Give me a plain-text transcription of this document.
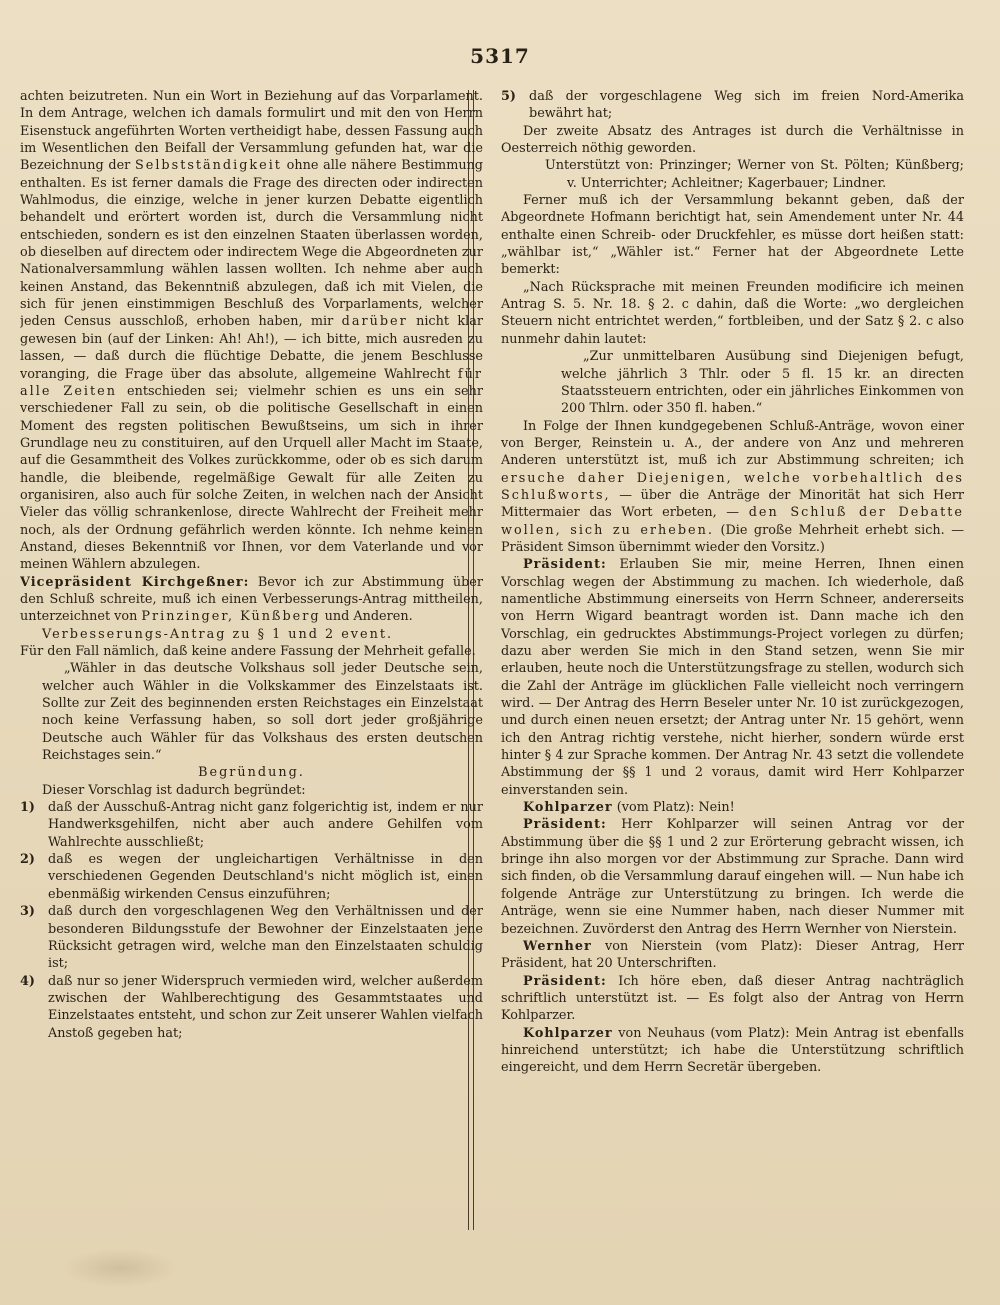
5317

achten beizutreten. Nun ein Wort in Beziehung auf das Vorparlament. In dem Antrage, welchen ich damals formulirt und mit den von Herrn Eisenstuck angeführten Worten vertheidigt habe, dessen Fassung auch im Wesentlichen den Beifall der Versammlung gefunden hat, war die Bezeichnung der Selbstständigkeit ohne alle nähere Bestimmung enthalten. Es ist ferner damals die Frage des directen oder indirecten Wahlmodus, die einzige, welche in jener kurzen Debatte eigentlich behandelt und erörtert worden ist, durch die Versammlung nicht entschieden, sondern es ist den einzelnen Staaten überlassen worden, ob dieselben auf directem oder indirectem Wege die Abgeordneten zur Nationalversammlung wählen lassen wollten. Ich nehme aber auch keinen Anstand, das Bekenntniß abzulegen, daß ich mit Vielen, die sich für jenen einstimmigen Beschluß des Vorparlaments, welcher jeden Census ausschloß, erhoben haben, mir darüber nicht klar gewesen bin (auf der Linken: Ah! Ah!), — ich bitte, mich ausreden zu lassen, — daß durch die flüchtige Debatte, die jenem Beschlusse voranging, die Frage über das absolute, allgemeine Wahlrecht für alle Zeiten entschieden sei; vielmehr schien es uns ein sehr verschiedener Fall zu sein, ob die politische Gesellschaft in einen Moment des regsten politischen Bewußtseins, um sich in ihrer Grundlage neu zu constituiren, auf den Urquell aller Macht im Staate, auf die Gesammtheit des Volkes zurückkomme, oder ob es sich darum handle, die bleibende, regelmäßige Gewalt für alle Zeiten zu organisiren, also auch für solche Zeiten, in welchen nach der Ansicht Vieler das völlig schrankenlose, directe Wahlrecht der Freiheit mehr noch, als der Ordnung gefährlich werden könnte. Ich nehme keinen Anstand, dieses Bekenntniß vor Ihnen, vor dem Vaterlande und vor meinen Wählern abzulegen.

Vicepräsident Kirchgeßner: Bevor ich zur Abstimmung über den Schluß schreite, muß ich einen Verbesserungs-Antrag mittheilen, unterzeichnet von Prinzinger, Künßberg und Anderen.

Verbesserungs-Antrag zu § 1 und 2 event.

Für den Fall nämlich, daß keine andere Fassung der Mehrheit gefalle.

„Wähler in das deutsche Volkshaus soll jeder Deutsche sein, welcher auch Wähler in die Volkskammer des Einzelstaats ist. Sollte zur Zeit des beginnenden ersten Reichstages ein Einzelstaat noch keine Verfassung haben, so soll dort jeder großjährige Deutsche auch Wähler für das Volkshaus des ersten deutschen Reichstages sein.“

Begründung.

Dieser Vorschlag ist dadurch begründet:

1)	daß der Ausschuß-Antrag nicht ganz folgerichtig ist, indem er nur Handwerksgehilfen, nicht aber auch andere Gehilfen vom Wahlrechte ausschließt;
2)	daß es wegen der ungleichartigen Verhältnisse in den verschiedenen Gegenden Deutschland's nicht möglich ist, einen ebenmäßig wirkenden Census einzuführen;
3)	daß durch den vorgeschlagenen Weg den Verhältnissen und der besonderen Bildungsstufe der Bewohner der Einzelstaaten jene Rücksicht getragen wird, welche man den Einzelstaaten schuldig ist;
4)	daß nur so jener Widerspruch vermieden wird, welcher außerdem zwischen der Wahlberechtigung des Gesammtstaates und Einzelstaates entsteht, und schon zur Zeit unserer Wahlen vielfach Anstoß gegeben hat;
5)	daß der vorgeschlagene Weg sich im freien Nord-Amerika bewährt hat;

Der zweite Absatz des Antrages ist durch die Verhältnisse in Oesterreich nöthig geworden.

Unterstützt von: Prinzinger; Werner von St. Pölten; Künßberg; v. Unterrichter; Achleitner; Kagerbauer; Lindner.

Ferner muß ich der Versammlung bekannt geben, daß der Abgeordnete Hofmann berichtigt hat, sein Amendement unter Nr. 44 enthalte einen Schreib- oder Druckfehler, es müsse dort heißen statt: „wählbar ist,“ „Wähler ist.“ Ferner hat der Abgeordnete Lette bemerkt:

„Nach Rücksprache mit meinen Freunden modificire ich meinen Antrag S. 5. Nr. 18. § 2. c dahin, daß die Worte: „wo dergleichen Steuern nicht entrichtet werden,“ fortbleiben, und der Satz § 2. c also nunmehr dahin lautet:

„Zur unmittelbaren Ausübung sind Diejenigen befugt, welche jährlich 3 Thlr. oder 5 fl. 15 kr. an directen Staatssteuern entrichten, oder ein jährliches Einkommen von 200 Thlrn. oder 350 fl. haben.“

In Folge der Ihnen kundgegebenen Schluß-Anträge, wovon einer von Berger, Reinstein u. A., der andere von Anz und mehreren Anderen unterstützt ist, muß ich zur Abstimmung schreiten; ich ersuche daher Diejenigen, welche vorbehaltlich des Schlußworts, — über die Anträge der Minorität hat sich Herr Mittermaier das Wort erbeten, — den Schluß der Debatte wollen, sich zu erheben. (Die große Mehrheit erhebt sich. — Präsident Simson übernimmt wieder den Vorsitz.)

Präsident: Erlauben Sie mir, meine Herren, Ihnen einen Vorschlag wegen der Abstimmung zu machen. Ich wiederhole, daß namentliche Abstimmung einerseits von Herrn Schneer, andererseits von Herrn Wigard beantragt worden ist. Dann mache ich den Vorschlag, ein gedrucktes Abstimmungs-Project vorlegen zu dürfen; dazu aber werden Sie mich in den Stand setzen, wenn Sie mir erlauben, heute noch die Unterstützungsfrage zu stellen, wodurch sich die Zahl der Anträge im glücklichen Falle vielleicht noch verringern wird. — Der Antrag des Herrn Beseler unter Nr. 10 ist zurückgezogen, und durch einen neuen ersetzt; der Antrag unter Nr. 15 gehört, wenn ich den Antrag richtig verstehe, nicht hierher, sondern würde erst hinter § 4 zur Sprache kommen. Der Antrag Nr. 43 setzt die vollendete Abstimmung der §§ 1 und 2 voraus, damit wird Herr Kohlparzer einverstanden sein.

Kohlparzer (vom Platz): Nein!

Präsident: Herr Kohlparzer will seinen Antrag vor der Abstimmung über die §§ 1 und 2 zur Erörterung gebracht wissen, ich bringe ihn also morgen vor der Abstimmung zur Sprache. Dann wird sich finden, ob die Versammlung darauf eingehen will. — Nun habe ich folgende Anträge zur Unterstützung zu bringen. Ich werde die Anträge, wenn sie eine Nummer haben, nach dieser Nummer mit bezeichnen. Zuvörderst den Antrag des Herrn Wernher von Nierstein.

Wernher von Nierstein (vom Platz): Dieser Antrag, Herr Präsident, hat 20 Unterschriften.

Präsident: Ich höre eben, daß dieser Antrag nachträglich schriftlich unterstützt ist. — Es folgt also der Antrag von Herrn Kohlparzer.

Kohlparzer von Neuhaus (vom Platz): Mein Antrag ist ebenfalls hinreichend unterstützt; ich habe die Unterstützung schriftlich eingereicht, und dem Herrn Secretär übergeben.
